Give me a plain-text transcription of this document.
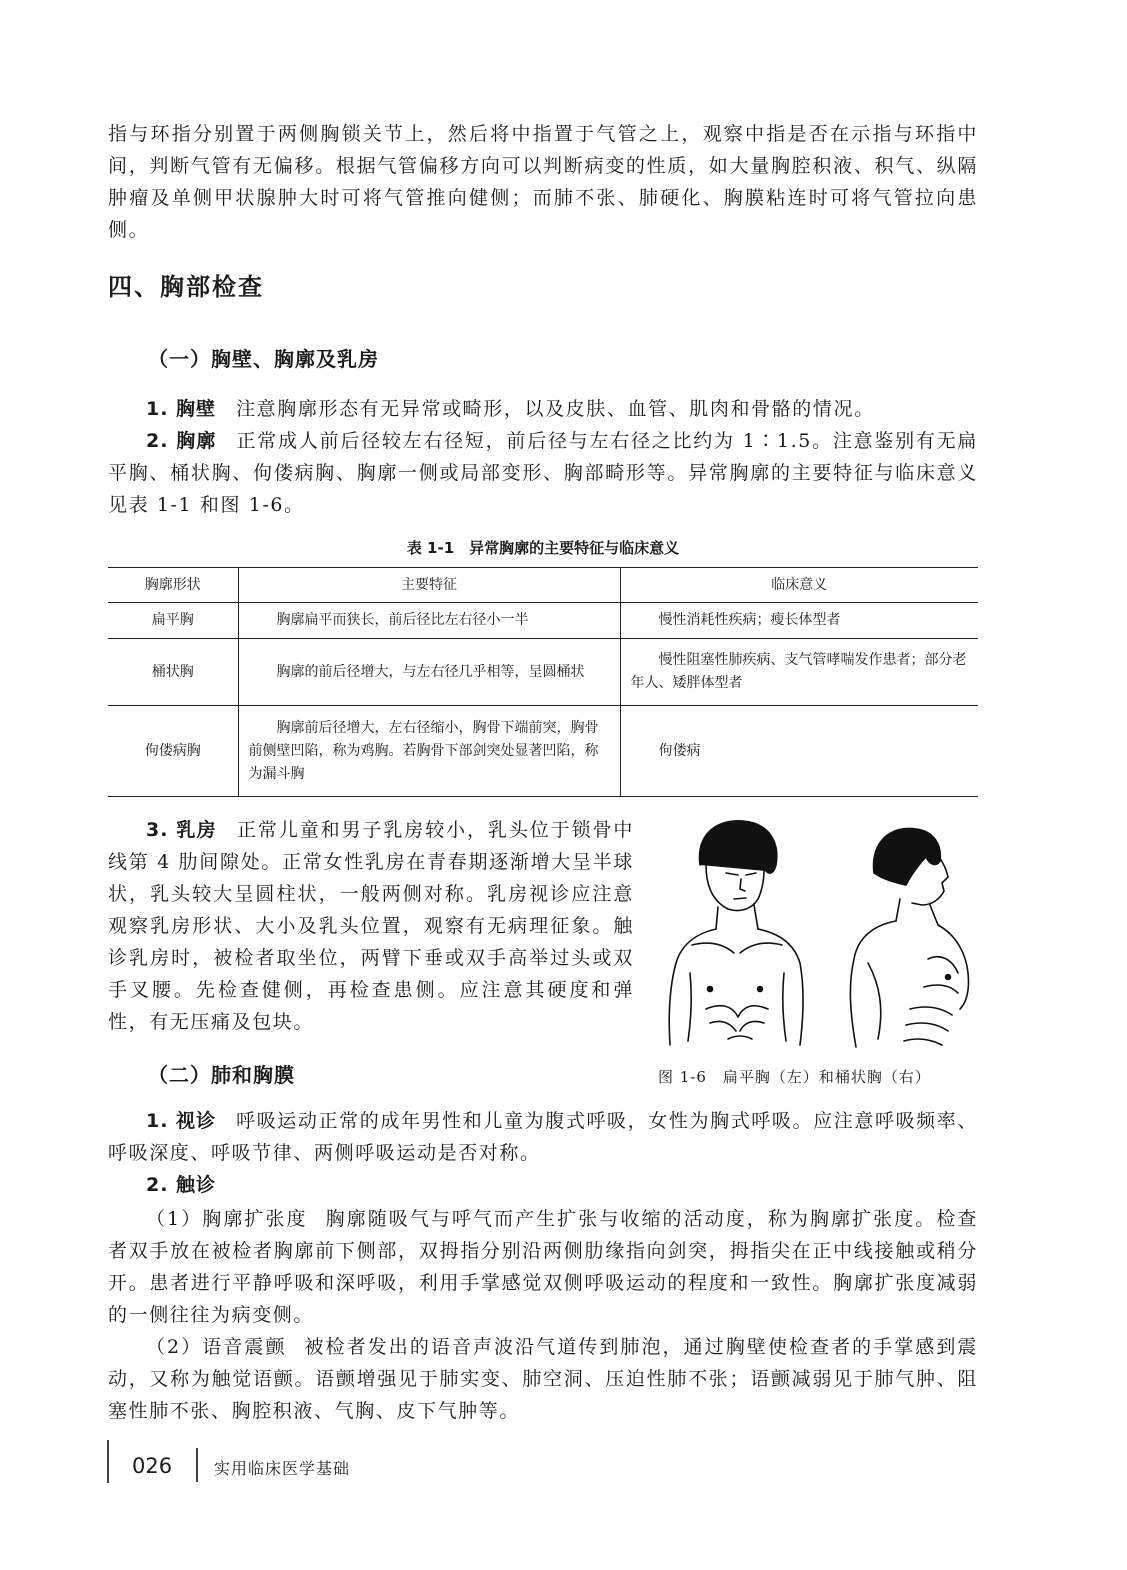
指与环指分别置于两侧胸锁关节上，然后将中指置于气管之上，观察中指是否在示指与环指中间，判断气管有无偏移。根据气管偏移方向可以判断病变的性质，如大量胸腔积液、积气、纵隔肿瘤及单侧甲状腺肿大时可将气管推向健侧；而肺不张、肺硬化、胸膜粘连时可将气管拉向患侧。

四、胸部检查
（一）胸壁、胸廓及乳房

1. 胸壁 注意胸廓形态有无异常或畸形，以及皮肤、血管、肌肉和骨骼的情况。

2. 胸廓 正常成人前后径较左右径短，前后径与左右径之比约为 1∶1.5。注意鉴别有无扁平胸、桶状胸、佝偻病胸、胸廓一侧或局部变形、胸部畸形等。异常胸廓的主要特征与临床意义见表 1-1 和图 1-6。

表 1-1　异常胸廓的主要特征与临床意义
胸廓形状	主要特征	临床意义
扁平胸	胸廓扁平而狭长，前后径比左右径小一半	慢性消耗性疾病；瘦长体型者
桶状胸	胸廓的前后径增大，与左右径几乎相等，呈圆桶状	慢性阻塞性肺疾病、支气管哮喘发作患者；部分老年人、矮胖体型者
佝偻病胸	胸廓前后径增大，左右径缩小，胸骨下端前突，胸骨前侧壁凹陷，称为鸡胸。若胸骨下部剑突处显著凹陷，称为漏斗胸	佝偻病

3. 乳房 正常儿童和男子乳房较小，乳头位于锁骨中线第 4 肋间隙处。正常女性乳房在青春期逐渐增大呈半球状，乳头较大呈圆柱状，一般两侧对称。乳房视诊应注意观察乳房形状、大小及乳头位置，观察有无病理征象。触诊乳房时，被检者取坐位，两臂下垂或双手高举过头或双手叉腰。先检查健侧，再检查患侧。应注意其硬度和弹性，有无压痛及包块。

图 1-6　扁平胸（左）和桶状胸（右）
（二）肺和胸膜

1. 视诊 呼吸运动正常的成年男性和儿童为腹式呼吸，女性为胸式呼吸。应注意呼吸频率、呼吸深度、呼吸节律、两侧呼吸运动是否对称。

2. 触诊

（1）胸廓扩张度 胸廓随吸气与呼气而产生扩张与收缩的活动度，称为胸廓扩张度。检查者双手放在被检者胸廓前下侧部，双拇指分别沿两侧肋缘指向剑突，拇指尖在正中线接触或稍分开。患者进行平静呼吸和深呼吸，利用手掌感觉双侧呼吸运动的程度和一致性。胸廓扩张度减弱的一侧往往为病变侧。

（2）语音震颤 被检者发出的语音声波沿气道传到肺泡，通过胸壁使检查者的手掌感到震动，又称为触觉语颤。语颤增强见于肺实变、肺空洞、压迫性肺不张；语颤减弱见于肺气肿、阻塞性肺不张、胸腔积液、气胸、皮下气肿等。

026	实用临床医学基础
